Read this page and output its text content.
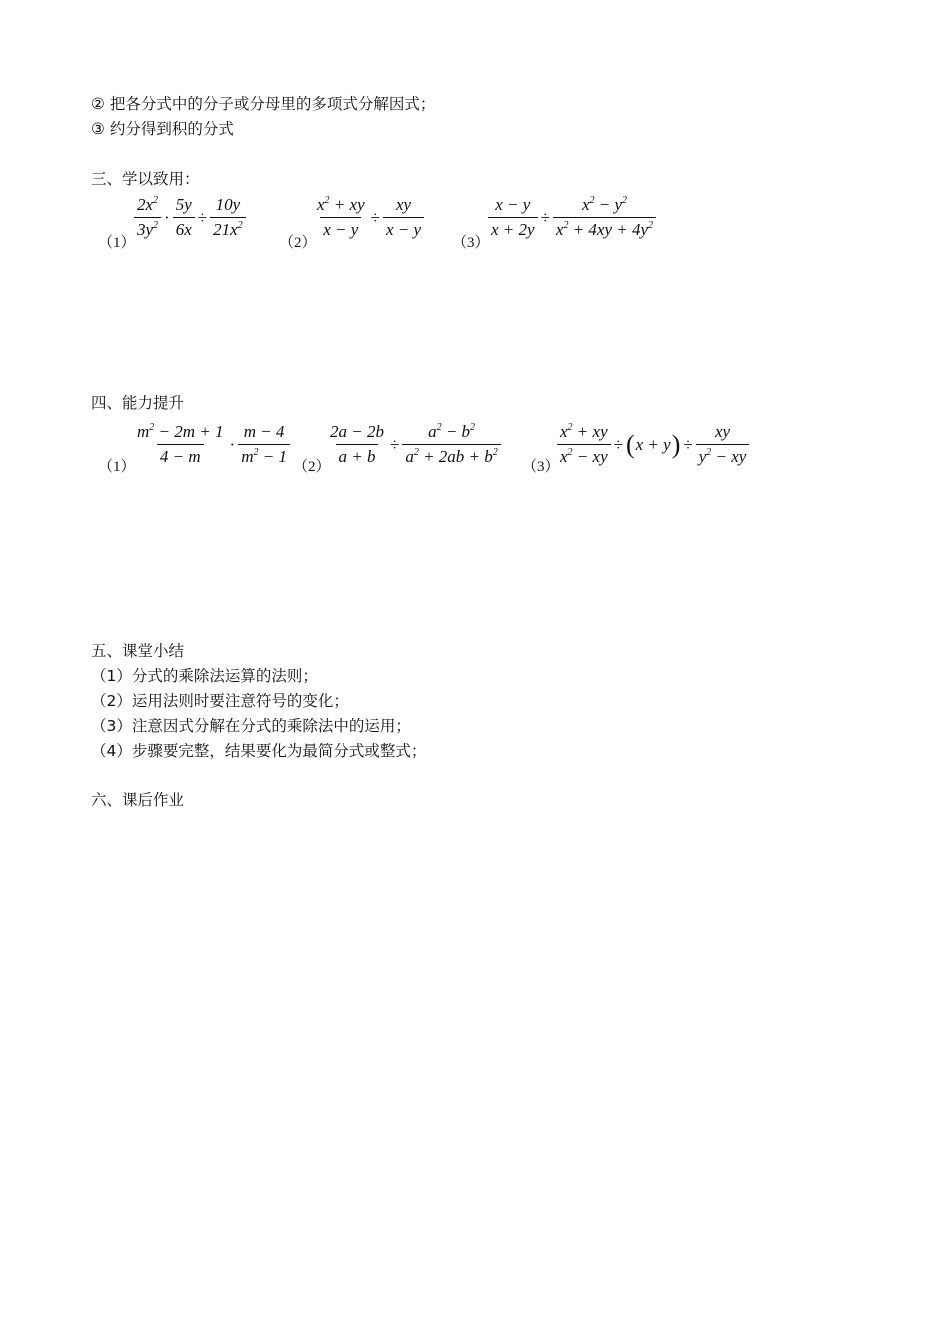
② 把各分式中的分子或分母里的多项式分解因式；
③ 约分得到积的分式
三、学以致用：
（1）
$\frac{2x^2}{3y^2} \cdot \frac{5y}{6x} \div \frac{10y}{21x^2}$
（2）
$\frac{x^2 + xy}{x - y} \div \frac{xy}{x - y}$
（3）
$\frac{x - y}{x + 2y} \div \frac{x^2 - y^2}{x^2 + 4xy + 4y^2}$
四、能力提升
（1）
$\frac{m^2 - 2m + 1}{4 - m} \cdot \frac{m - 4}{m^2 - 1} (2)$
$\frac{2a - 2b}{a + b} \div \frac{a^2 - b^2}{a^2 + 2ab + b^2} (3)$
$\frac{x^2 + xy}{x^2 - xy}$ ÷ ( x + y ) ÷ $\frac{xy}{y^2 - xy}$
五、课堂小结
（1）分式的乘除法运算的法则；
（2）运用法则时要注意符号的变化；
（3）注意因式分解在分式的乘除法中的运用；
（4）步骤要完整，结果要化为最简分式或整式；
六、课后作业
